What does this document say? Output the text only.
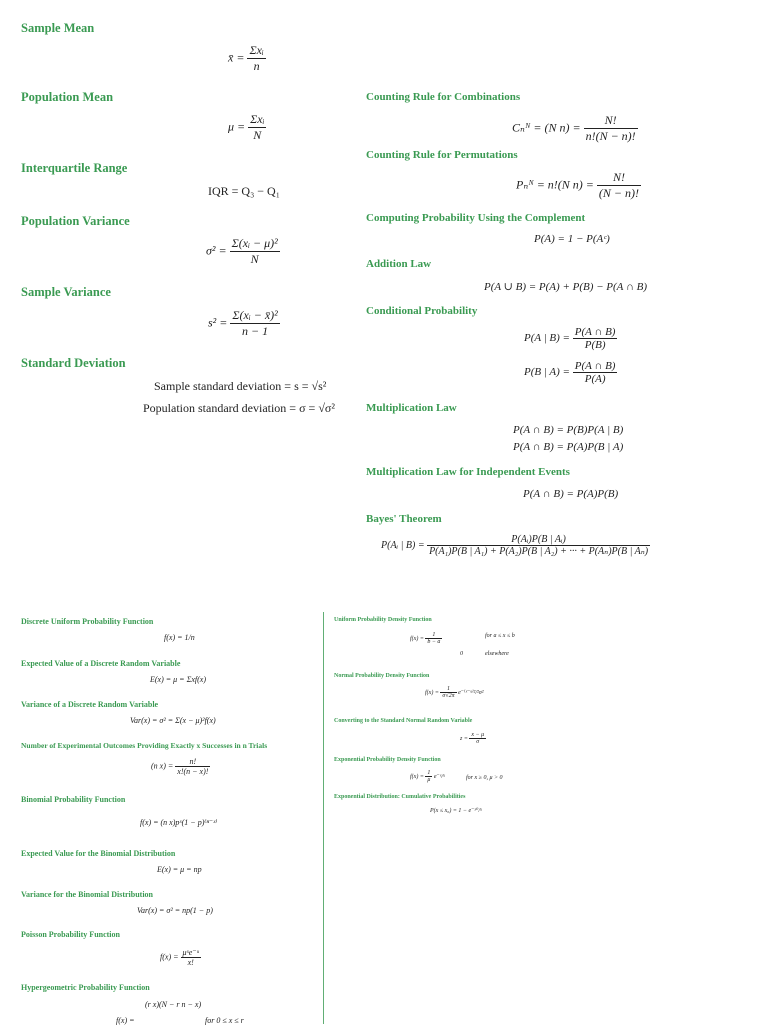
Sample Mean
x̄ = $\frac{\text{Σxᵢ}}{n}$
Population Mean
$\mu = \frac{\text{Σxᵢ}}{N}$
Interquartile Range
IQR = Q₃ − Q₁
Population Variance
$\sigma^2 = \frac{\text{Σ(xᵢ − μ)²}}{N}$
Sample Variance
$s^2 = \frac{\text{Σ(xᵢ − x̄)²}}{n - 1}$
Standard Deviation
Sample standard deviation = s = √s²
Population standard deviation = σ = √σ²
Counting Rule for Combinations
Cₙᴺ = (N $n) = \frac{N!}{n!(N - n)!}$
Counting Rule for Permutations
Pₙᴺ = n!(N $n) = \frac{N!}{(N - n)!}$
Computing Probability Using the Complement
P(A) = 1 − P(Aᶜ)
Addition Law
P(A ∪ B) = P(A) + P(B) − P(A ∩ B)
Conditional Probability
P(A | $B) = \frac{P(A \cap B)}{P(B)}$
P(B | $A) = \frac{P(A \cap B)}{P(A)}$
Multiplication Law
P(A ∩ B) = P(B)P(A | B)
P(A ∩ B) = P(A)P(B | A)
Multiplication Law for Independent Events
P(A ∩ B) = P(A)P(B)
Bayes' Theorem
P(Aᵢ | $B) = \frac{\text{P(Aᵢ)P(B | Aᵢ)}}{\text{P(A₁)P(B | A₁) + P(A₂)P(B | A₂) + ··· + P(Aₙ)P(B | Aₙ)}}$
Discrete Uniform Probability Function
f(x) = 1/n
Expected Value of a Discrete Random Variable
E(x) = μ = Σxf(x)
Variance of a Discrete Random Variable
Var(x) = σ² = Σ(x − μ)²f(x)
Number of Experimental Outcomes Providing Exactly x Successes in n Trials
(n $x) = \frac{n!}{x!(n - x)!}$
Binomial Probability Function
f(x) = (n x)pˣ(1 − p)⁽ⁿ⁻ˣ⁾
Expected Value for the Binomial Distribution
E(x) = μ = np
Variance for the Binomial Distribution
Var(x) = σ² = np(1 − p)
Poisson Probability Function
$f(x) = \frac{\text{μˣe⁻ᵘ}}{x!}$
Hypergeometric Probability Function
(r x)(N − r n − x)
f(x) =	for 0 ≤ x ≤ r
Uniform Probability Density Function
$f(x) = \frac{1}{b - a}$	for a ≤ x ≤ b
0	elsewhere
Normal Probability Density Function
$f(x) = \frac{1}{\sigma√2\pi}$ e⁻⁽ˣ⁻ᵘ⁾²/²σ²
Converting to the Standard Normal Random Variable
$z = \frac{x - \mu}{\sigma}$
Exponential Probability Density Function
$f(x) = \frac{1}{\mu}$ e⁻ˣ/ᵘ	for x ≥ 0, μ > 0
Exponential Distribution: Cumulative Probabilities
P(x ≤ x₀) = 1 − e⁻ˣ⁰/ᵘ
